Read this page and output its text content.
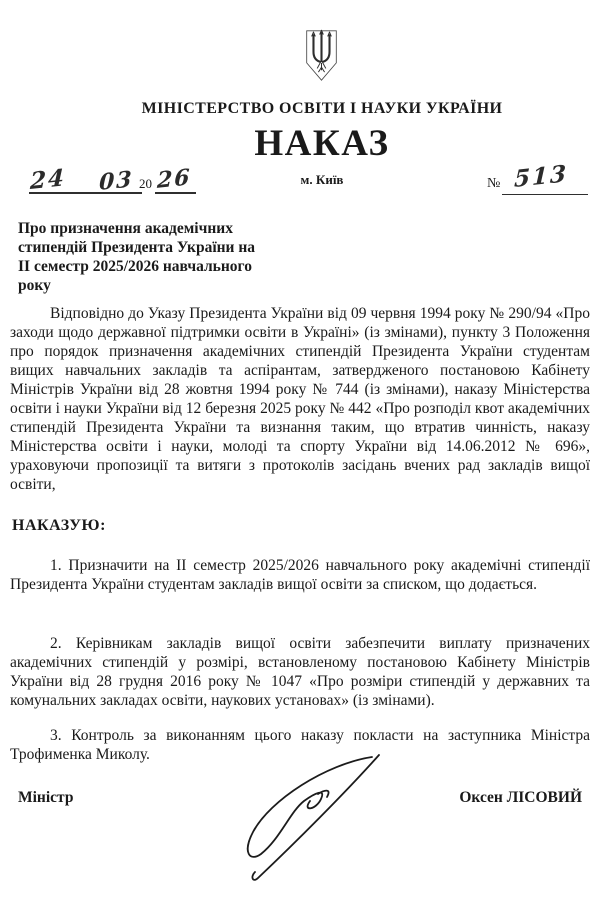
МІНІСТЕРСТВО ОСВІТИ І НАУКИ УКРАЇНИ
НАКАЗ
м. Київ
24 03 20 26	№ 513
Про призначення академічних стипендій Президента України на II семестр 2025/2026 навчального року

Відповідно до Указу Президента України від 09 червня 1994 року № 290/94 «Про заходи щодо державної підтримки освіти в Україні» (із змінами), пункту 3 Положення про порядок призначення академічних стипендій Президента України студентам вищих навчальних закладів та аспірантам, затвердженого постановою Кабінету Міністрів України від 28 жовтня 1994 року № 744 (із змінами), наказу Міністерства освіти і науки України від 12 березня 2025 року № 442 «Про розподіл квот академічних стипендій Президента України та визнання таким, що втратив чинність, наказу Міністерства освіти і науки, молоді та спорту України від 14.06.2012 № 696», ураховуючи пропозиції та витяги з протоколів засідань вчених рад закладів вищої освіти,

НАКАЗУЮ:

1. Призначити на II семестр 2025/2026 навчального року академічні стипендії Президента України студентам закладів вищої освіти за списком, що додається.

2. Керівникам закладів вищої освіти забезпечити виплату призначених академічних стипендій у розмірі, встановленому постановою Кабінету Міністрів України від 28 грудня 2016 року № 1047 «Про розміри стипендій у державних та комунальних закладах освіти, наукових установах» (із змінами).

3. Контроль за виконанням цього наказу покласти на заступника Міністра Трофименка Миколу.

Міністр	Оксен ЛІСОВИЙ
